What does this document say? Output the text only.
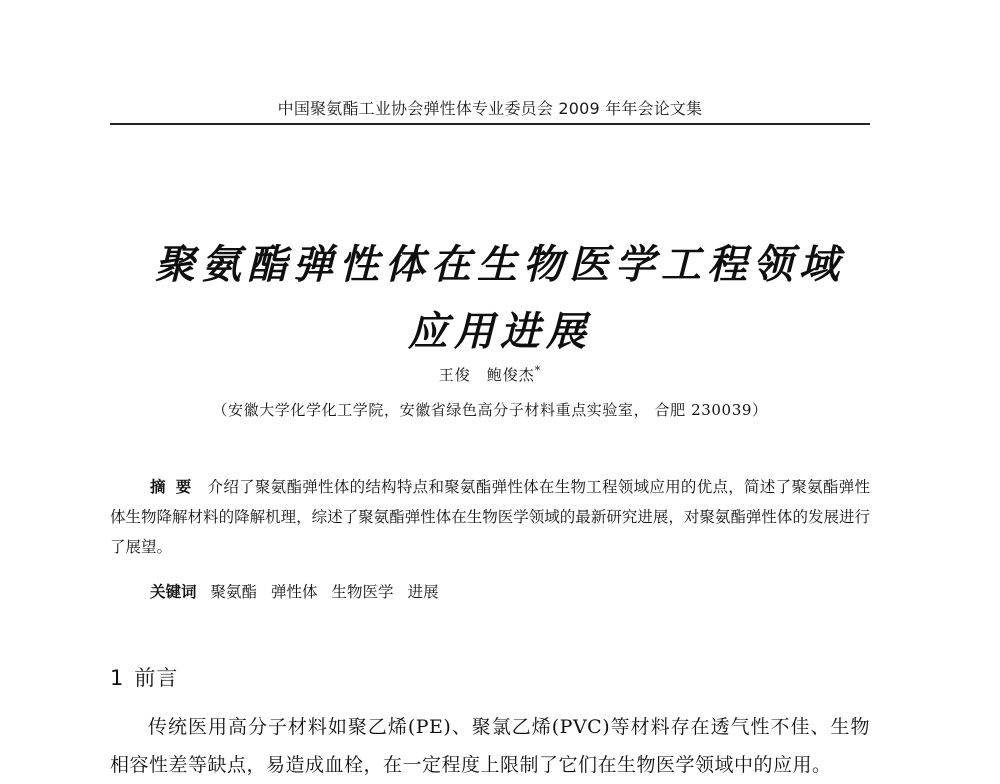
中国聚氨酯工业协会弹性体专业委员会 2009 年年会论文集
聚氨酯弹性体在生物医学工程领域
应用进展
王俊 鲍俊杰*
（安徽大学化学化工学院，安徽省绿色高分子材料重点实验室， 合肥 230039）

摘要 介绍了聚氨酯弹性体的结构特点和聚氨酯弹性体在生物工程领域应用的优点，简述了聚氨酯弹性体生物降解材料的降解机理，综述了聚氨酯弹性体在生物医学领域的最新研究进展，对聚氨酯弹性体的发展进行了展望。

关键词 聚氨酯 弹性体 生物医学 进展
1 前言

传统医用高分子材料如聚乙烯(PE)、聚氯乙烯(PVC)等材料存在透气性不佳、生物相容性差等缺点，易造成血栓，在一定程度上限制了它们在生物医学领域中的应用。
